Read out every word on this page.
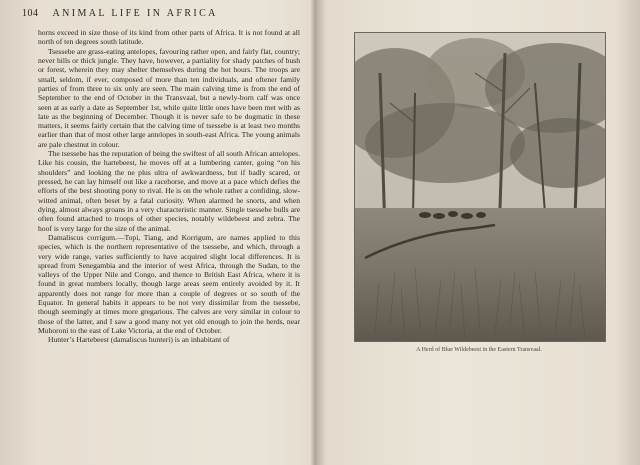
104 ANIMAL LIFE IN AFRICA

horns exceed in size those of its kind from other parts of Africa. It is not found at all north of ten degrees south latitude.

Tsessebe are grass-eating antelopes, favouring rather open, and fairly flat, country; never hills or thick jungle. They have, however, a partiality for shady patches of bush or forest, wherein they may shelter themselves during the hot hours. The troops are small, seldom, if ever, composed of more than ten individuals, and oftener family parties of from three to six only are seen. The main calving time is from the end of September to the end of October in the Transvaal, but a newly-born calf was once seen at as early a date as September 1st, while quite little ones have been met with as late as the beginning of December. Though it is never safe to be dogmatic in these matters, it seems fairly certain that the calving time of tsessebe is at least two months earlier than that of most other large antelopes in south-east Africa. The young animals are pale chestnut in colour.

The tsessebe has the reputation of being the swiftest of all south African antelopes. Like his cousin, the hartebeest, he moves off at a lumbering canter, going “on his shoulders” and looking the ne plus ultra of awkwardness, but if badly scared, or pressed, he can lay himself out like a racehorse, and move at a pace which defies the efforts of the best shooting pony to rival. He is on the whole rather a confiding, slow-witted animal, often beset by a fatal curiosity. When alarmed he snorts, and when dying, almost always groans in a very characteristic manner. Single tsessebe bulls are often found attached to troops of other species, notably wildebeest and zebra. The hoof is very large for the size of the animal.

Damaliscus corrigum.—Topi, Tiang, and Korrigum, are names applied to this species, which is the northern representative of the tsessebe, and which, through a very wide range, varies sufficiently to have acquired slight local differences. It is spread from Senegambia and the interior of west Africa, through the Sudan, to the valleys of the Upper Nile and Congo, and thence to British East Africa, where it is found in great numbers locally, though large areas seem entirely avoided by it. It apparently does not range for more than a couple of degrees or so south of the Equator. In general habits it appears to be not very dissimilar from the tsessebe, though seemingly at times more gregarious. The calves are very similar in colour to those of the latter, and I saw a good many not yet old enough to join the herds, near Muhoroni to the east of Lake Victoria, at the end of October.

Hunter’s Hartebeest (damaliscus hunteri) is an inhabitant of

A Herd of Blue Wildebeest in the Eastern Transvaal.
